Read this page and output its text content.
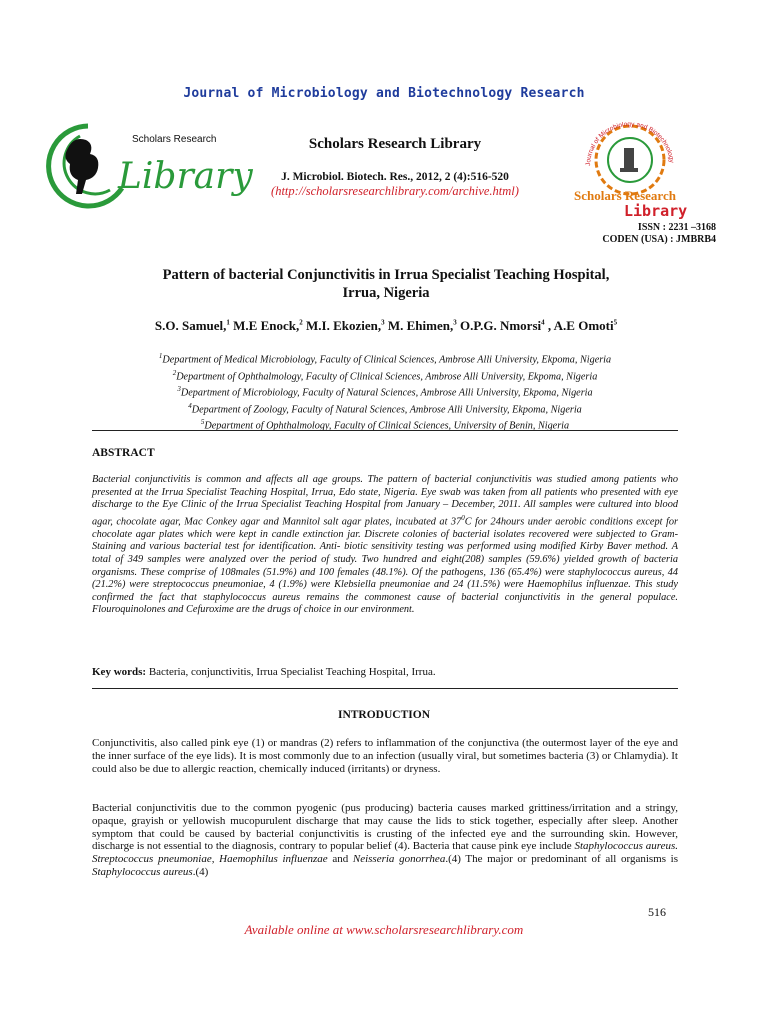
Journal of Microbiology and Biotechnology Research
Scholars Research
Library
Scholars Research Library
J. Microbiol. Biotech. Res., 2012, 2 (4):516-520
(http://scholarsresearchlibrary.com/archive.html)
Journal of Microbiology and Biotechnology
Scholars Research
Library
ISSN : 2231 –3168
CODEN (USA) : JMBRB4
Pattern of bacterial Conjunctivitis in Irrua Specialist Teaching Hospital,
Irrua, Nigeria
S.O. Samuel,$^1$ M.E Enock,$^2$ M.I. Ekozien,$^3$ M. Ehimen,$^3$ O.P.G. Nmorsi$^4$ , A.E Omoti$^5$
$^1$Department of Medical Microbiology, Faculty of Clinical Sciences, Ambrose Alli University, Ekpoma, Nigeria
$^2$Department of Ophthalmology, Faculty of Clinical Sciences, Ambrose Alli University, Ekpoma, Nigeria
$^3$Department of Microbiology, Faculty of Natural Sciences, Ambrose Alli University, Ekpoma, Nigeria
$^4$Department of Zoology, Faculty of Natural Sciences, Ambrose Alli University, Ekpoma, Nigeria
$^5$Department of Ophthalmology, Faculty of Clinical Sciences, University of Benin, Nigeria
ABSTRACT
Bacterial conjunctivitis is common and affects all age groups. The pattern of bacterial conjunctivitis was studied among patients who presented at the Irrua Specialist Teaching Hospital, Irrua, Edo state, Nigeria. Eye swab was taken from all patients who presented with eye discharge to the Eye Clinic of the Irrua Specialist Teaching Hospital from January – December, 2011. All samples were cultured into blood agar, chocolate agar, Mac Conkey agar and Mannitol salt agar plates, incubated at $37^0C$ for 24hours under aerobic conditions except for chocolate agar plates which were kept in candle extinction jar. Discrete colonies of bacterial isolates recovered were subjected to Gram-Staining and various bacterial test for identification. Anti- biotic sensitivity testing was performed using modified Kirby Baver method. A total of 349 samples were analyzed over the period of study. Two hundred and eight(208) samples (59.6%) yielded growth of bacteria organisms. These comprise of 108males (51.9%) and 100 females (48.1%). Of the pathogens, 136 (65.4%) were staphylococcus aureus, 44 (21.2%) were streptococcus pneumoniae, 4 (1.9%) were Klebsiella pneumoniae and 24 (11.5%) were Haemophilus influenzae. This study confirmed the fact that staphylococcus aureus remains the commonest cause of bacterial conjunctivitis in the general populace. Flouroquinolones and Cefuroxime are the drugs of choice in our environment.
Key words: Bacteria, conjunctivitis, Irrua Specialist Teaching Hospital, Irrua.
INTRODUCTION
Conjunctivitis, also called pink eye (1) or mandras (2) refers to inflammation of the conjunctiva (the outermost layer of the eye and the inner surface of the eye lids). It is most commonly due to an infection (usually viral, but sometimes bacteria (3) or Chlamydia). It could also be due to allergic reaction, chemically induced (irritants) or dryness.
Bacterial conjunctivitis due to the common pyogenic (pus producing) bacteria causes marked grittiness/irritation and a stringy, opaque, grayish or yellowish mucopurulent discharge that may cause the lids to stick together, especially after sleep. Another symptom that could be caused by bacterial conjunctivitis is crusting of the infected eye and the surrounding skin. However, discharge is not essential to the diagnosis, contrary to popular belief (4). Bacteria that cause pink eye include Staphylococcus aureus. Streptococcus pneumoniae, Haemophilus influenzae and Neisseria gonorrhea.(4) The major or predominant of all organisms is Staphylococcus aureus.(4)
516
Available online at www.scholarsresearchlibrary.com
